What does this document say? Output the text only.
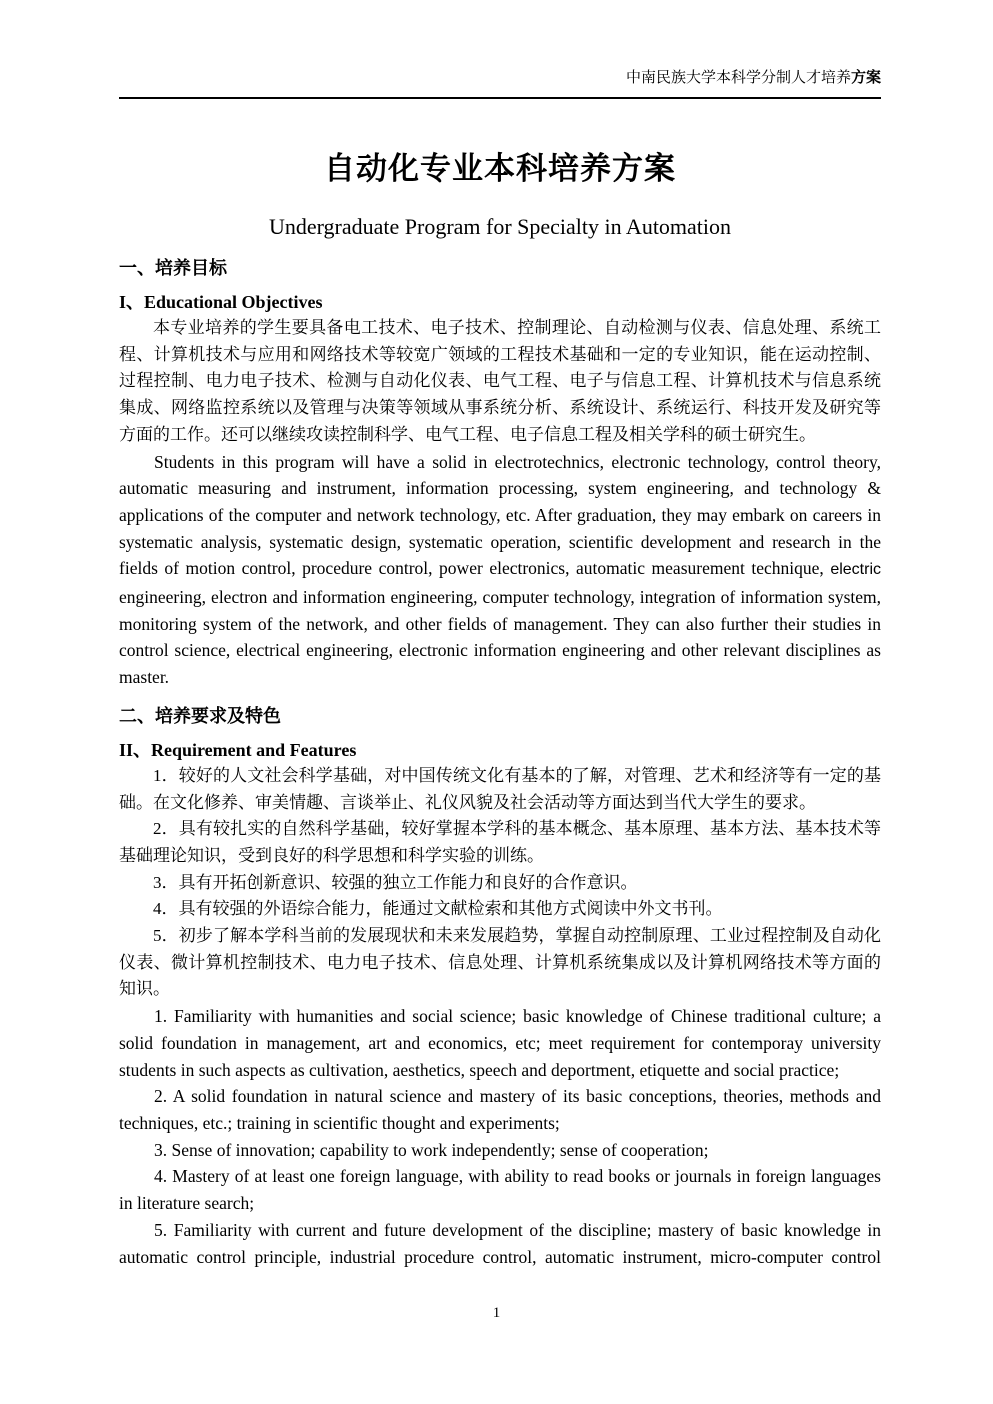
中南民族大学本科学分制人才培养方案
自动化专业本科培养方案
Undergraduate Program for Specialty in Automation
一、培养目标
I、Educational Objectives

本专业培养的学生要具备电工技术、电子技术、控制理论、自动检测与仪表、信息处理、系统工程、计算机技术与应用和网络技术等较宽广领域的工程技术基础和一定的专业知识，能在运动控制、过程控制、电力电子技术、检测与自动化仪表、电气工程、电子与信息工程、计算机技术与信息系统集成、网络监控系统以及管理与决策等领域从事系统分析、系统设计、系统运行、科技开发及研究等方面的工作。还可以继续攻读控制科学、电气工程、电子信息工程及相关学科的硕士研究生。

Students in this program will have a solid in electrotechnics, electronic technology, control theory, automatic measuring and instrument, information processing, system engineering, and technology & applications of the computer and network technology, etc. After graduation, they may embark on careers in systematic analysis, systematic design, systematic operation, scientific development and research in the fields of motion control, procedure control, power electronics, automatic measurement technique, electric engineering, electron and information engineering, computer technology, integration of information system, monitoring system of the network, and other fields of management. They can also further their studies in control science, electrical engineering, electronic information engineering and other relevant disciplines as master.

二、培养要求及特色
II、Requirement and Features

1．较好的人文社会科学基础，对中国传统文化有基本的了解，对管理、艺术和经济等有一定的基础。在文化修养、审美情趣、言谈举止、礼仪风貌及社会活动等方面达到当代大学生的要求。

2．具有较扎实的自然科学基础，较好掌握本学科的基本概念、基本原理、基本方法、基本技术等基础理论知识，受到良好的科学思想和科学实验的训练。

3．具有开拓创新意识、较强的独立工作能力和良好的合作意识。

4．具有较强的外语综合能力，能通过文献检索和其他方式阅读中外文书刊。

5．初步了解本学科当前的发展现状和未来发展趋势，掌握自动控制原理、工业过程控制及自动化仪表、微计算机控制技术、电力电子技术、信息处理、计算机系统集成以及计算机网络技术等方面的知识。

1. Familiarity with humanities and social science; basic knowledge of Chinese traditional culture; a solid foundation in management, art and economics, etc; meet requirement for contemporay university students in such aspects as cultivation, aesthetics, speech and deportment, etiquette and social practice;

2. A solid foundation in natural science and mastery of its basic conceptions, theories, methods and techniques, etc.; training in scientific thought and experiments;

3. Sense of innovation; capability to work independently; sense of cooperation;

4. Mastery of at least one foreign language, with ability to read books or journals in foreign languages in literature search;

5. Familiarity with current and future development of the discipline; mastery of basic knowledge in automatic control principle, industrial procedure control, automatic instrument, micro-computer control

1
